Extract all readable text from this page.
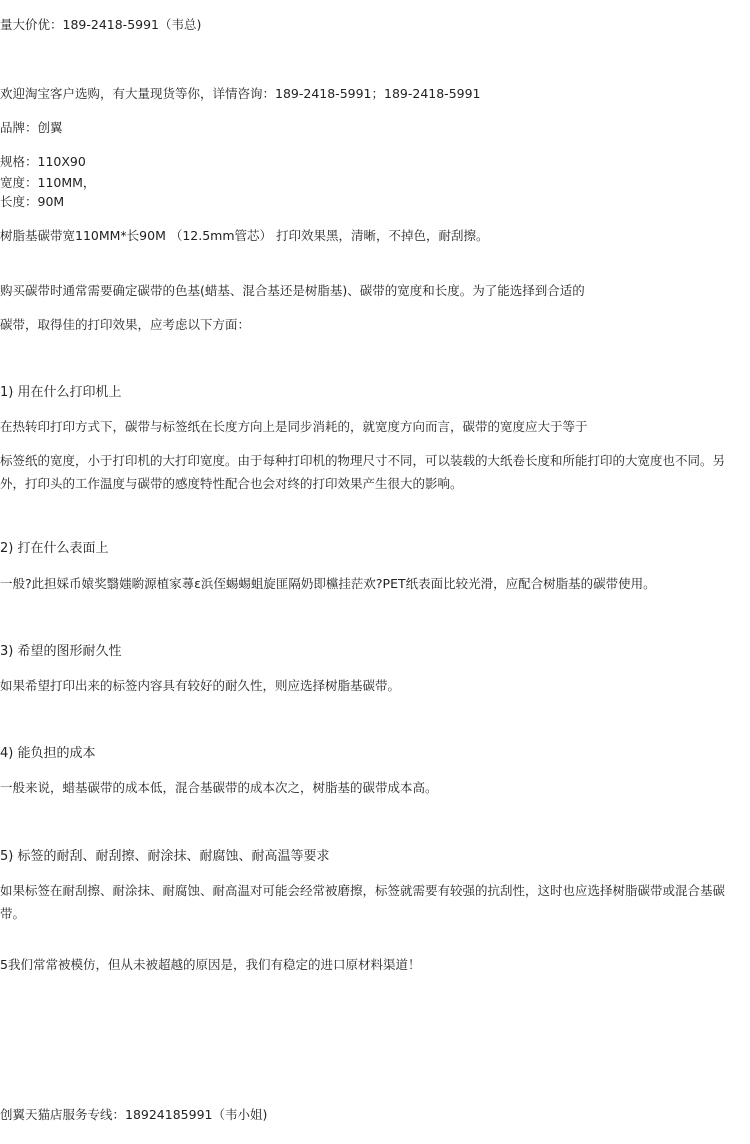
量大价优：189-2418-5991（韦总)
欢迎淘宝客户选购，有大量现货等你，详情咨询：189-2418-5991；189-2418-5991
品牌：创翼
规格：110X90
宽度：110MM，
长度：90M
树脂基碳带宽110MM*长90M （12.5mm管芯） 打印效果黑，清晰，不掉色，耐刮擦。
购买碳带时通常需要确定碳带的色基(蜡基、混合基还是树脂基)、碳带的宽度和长度。为了能选择到合适的
碳带，取得佳的打印效果，应考虑以下方面：
1) 用在什么打印机上
在热转印打印方式下，碳带与标签纸在长度方向上是同步消耗的，就宽度方向而言，碳带的宽度应大于等于
标签纸的宽度，小于打印机的大打印宽度。由于每种打印机的物理尺寸不同，可以装载的大纸卷长度和所能打印的大宽度也不同。另外，打印头的工作温度与碳带的感度特性配合也会对终的打印效果产生很大的影响。
2) 打在什么表面上
一般?此担婇币媴奖翳媸喲源植家蕁ε浜侄蜴蜴蛆旋匪隔奶即欓挂茫欢?PET纸表面比较光滑，应配合树脂基的碳带使用。
3) 希望的图形耐久性
如果希望打印出来的标签内容具有较好的耐久性，则应选择树脂基碳带。
4) 能负担的成本
一般来说，蜡基碳带的成本低，混合基碳带的成本次之，树脂基的碳带成本高。
5) 标签的耐刮、耐刮擦、耐涂抹、耐腐蚀、耐高温等要求
如果标签在耐刮擦、耐涂抹、耐腐蚀、耐高温对可能会经常被磨擦，标签就需要有较强的抗刮性，这时也应选择树脂碳带或混合基碳带。
5我们常常被模仿，但从未被超越的原因是，我们有稳定的进口原材料渠道！
创翼天猫店服务专线：18924185991（韦小姐)
